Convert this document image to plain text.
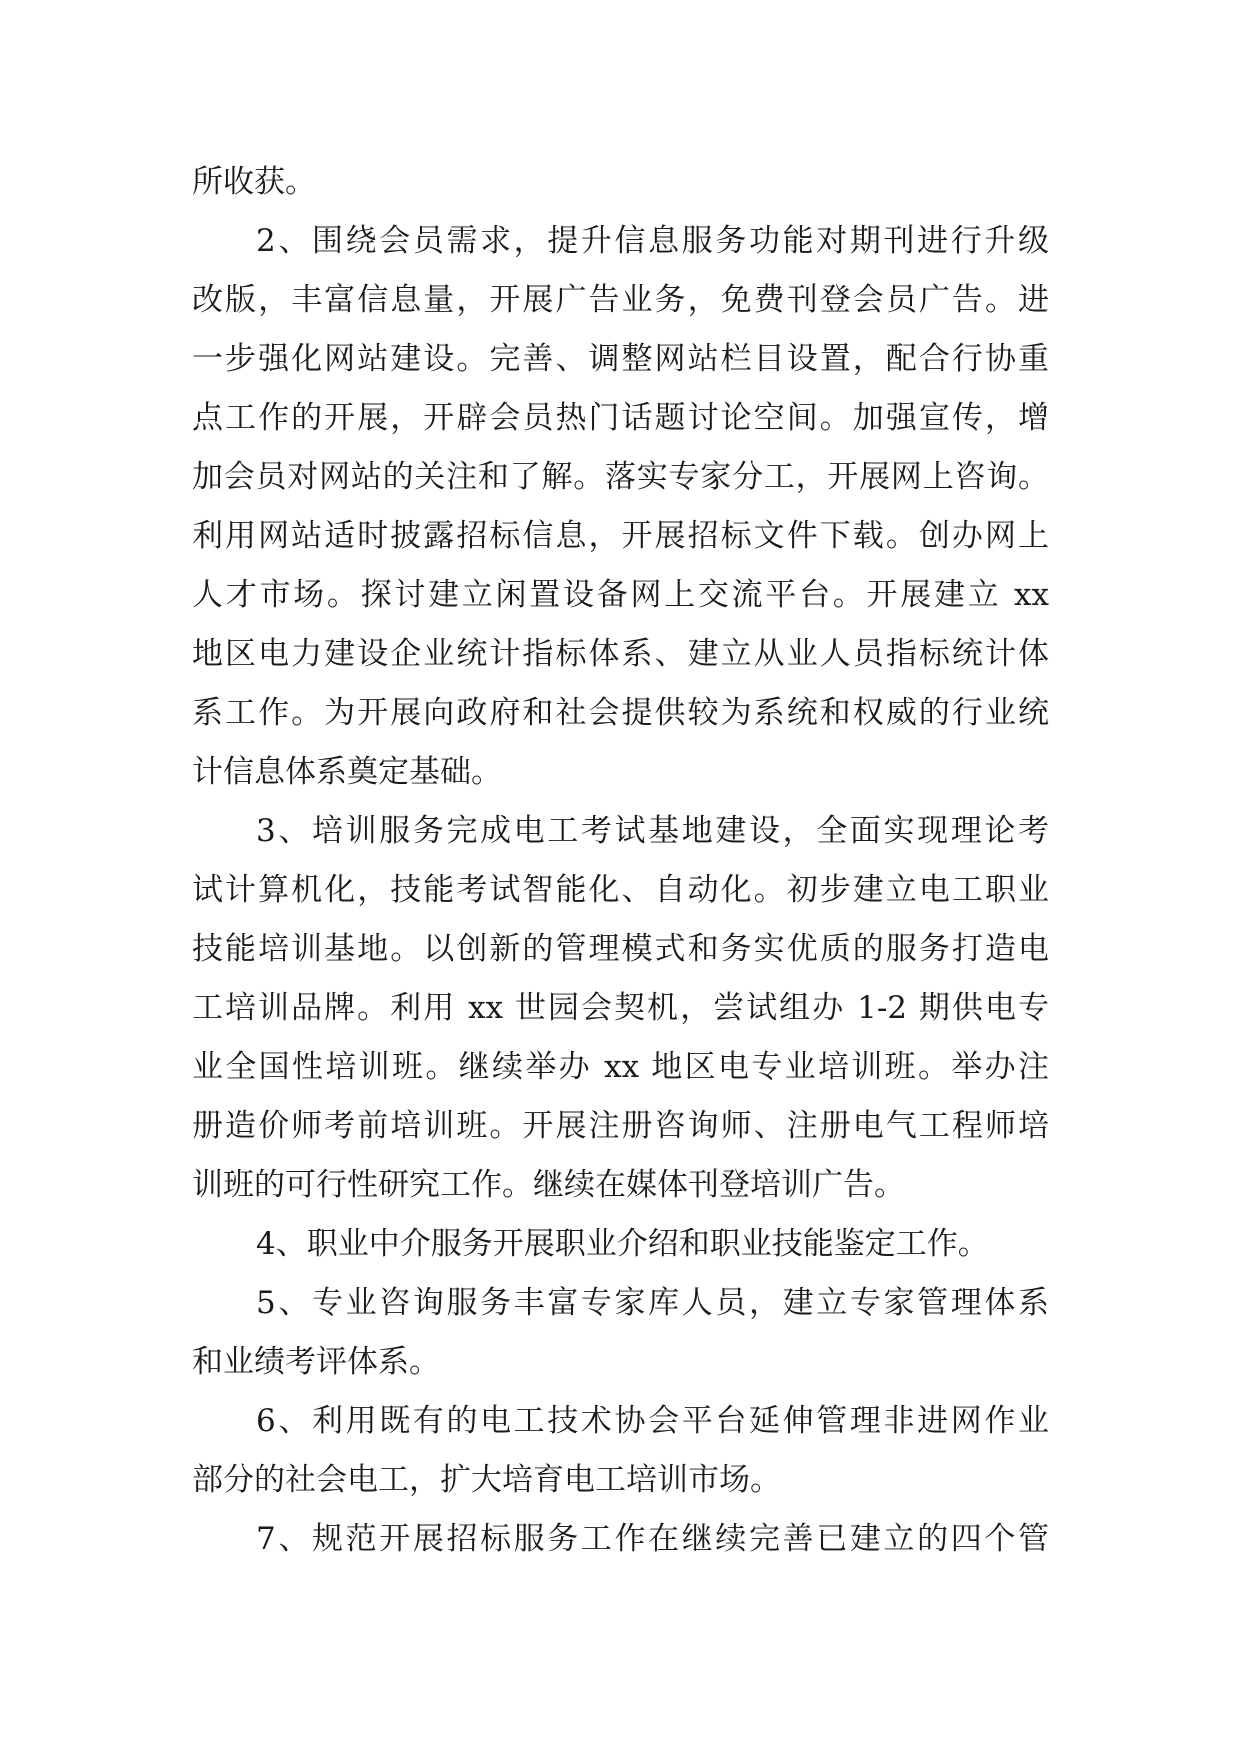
所收获。
2、围绕会员需求，提升信息服务功能对期刊进行升级
改版，丰富信息量，开展广告业务，免费刊登会员广告。进
一步强化网站建设。完善、调整网站栏目设置，配合行协重
点工作的开展，开辟会员热门话题讨论空间。加强宣传，增
加会员对网站的关注和了解。落实专家分工，开展网上咨询。
利用网站适时披露招标信息，开展招标文件下载。创办网上
人才市场。探讨建立闲置设备网上交流平台。开展建立 xx
地区电力建设企业统计指标体系、建立从业人员指标统计体
系工作。为开展向政府和社会提供较为系统和权威的行业统
计信息体系奠定基础。
3、培训服务完成电工考试基地建设，全面实现理论考
试计算机化，技能考试智能化、自动化。初步建立电工职业
技能培训基地。以创新的管理模式和务实优质的服务打造电
工培训品牌。利用 xx 世园会契机，尝试组办 1-2 期供电专
业全国性培训班。继续举办 xx 地区电专业培训班。举办注
册造价师考前培训班。开展注册咨询师、注册电气工程师培
训班的可行性研究工作。继续在媒体刊登培训广告。
4、职业中介服务开展职业介绍和职业技能鉴定工作。
5、专业咨询服务丰富专家库人员，建立专家管理体系
和业绩考评体系。
6、利用既有的电工技术协会平台延伸管理非进网作业
部分的社会电工，扩大培育电工培训市场。
7、规范开展招标服务工作在继续完善已建立的四个管
